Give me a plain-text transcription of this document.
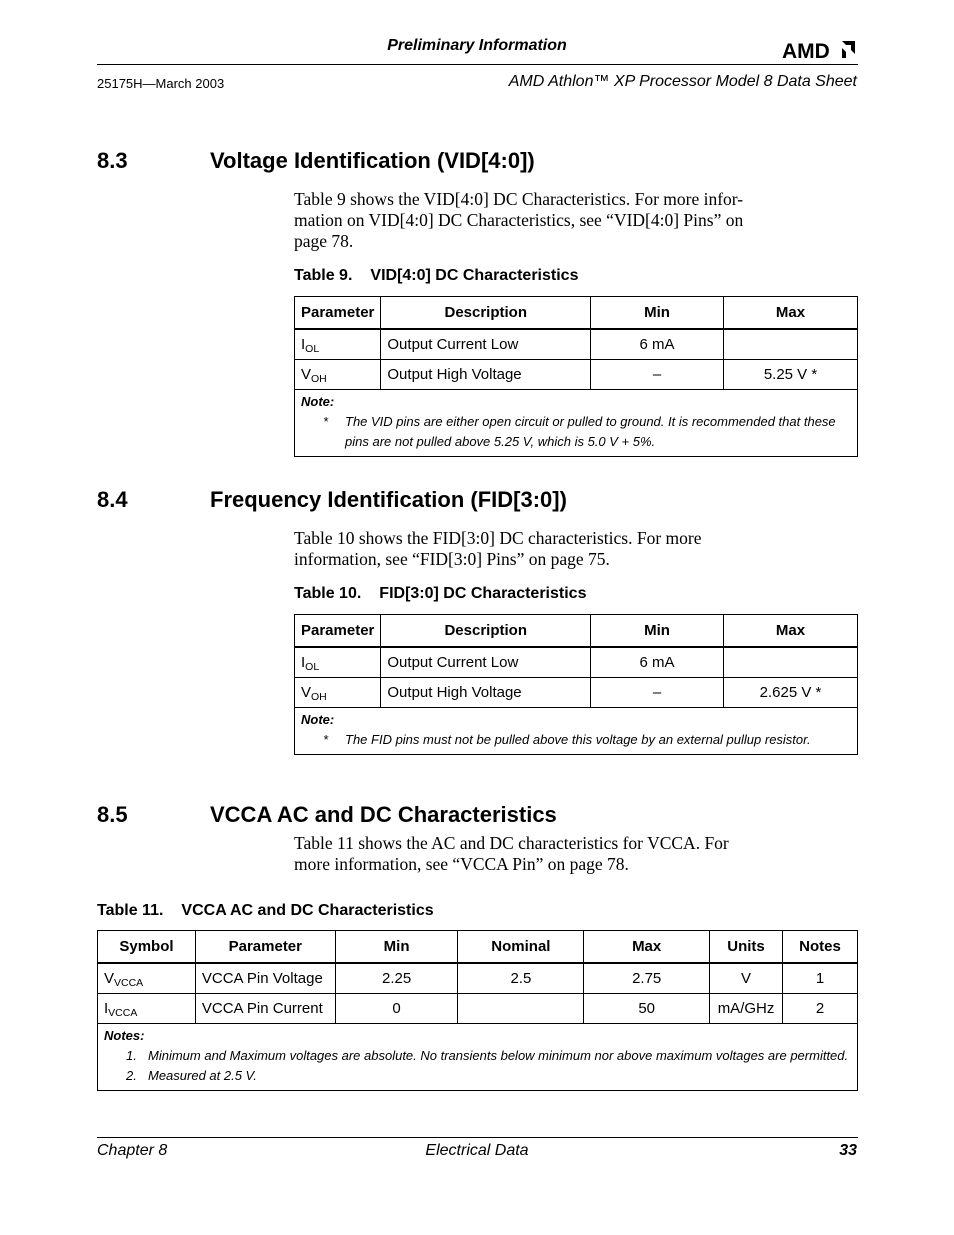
Preliminary Information	AMD
25175H—March 2003	AMD Athlon™ XP Processor Model 8 Data Sheet
8.3	Voltage Identification (VID[4:0])
Table 9 shows the VID[4:0] DC Characteristics. For more infor-
mation on VID[4:0] DC Characteristics, see “VID[4:0] Pins” on
page 78.
Table 9. VID[4:0] DC Characteristics
Parameter	Description	Min	Max
$I_{OL}$	Output Current Low	6 mA	
$V_{OH}$	Output High Voltage	–	5.25 V *

Note:
* The VID pins are either open circuit or pulled to ground. It is recommended that these pins are not pulled above 5.25 V, which is 5.0 V + 5%.			
8.4	Frequency Identification (FID[3:0])
Table 10 shows the FID[3:0] DC characteristics. For more
information, see “FID[3:0] Pins” on page 75.
Table 10. FID[3:0] DC Characteristics
Parameter	Description	Min	Max
$I_{OL}$	Output Current Low	6 mA	
$V_{OH}$	Output High Voltage	–	2.625 V *

Note:
* The FID pins must not be pulled above this voltage by an external pullup resistor.			
8.5	VCCA AC and DC Characteristics
Table 11 shows the AC and DC characteristics for VCCA. For
more information, see “VCCA Pin” on page 78.
Table 11. VCCA AC and DC Characteristics
Symbol	Parameter	Min	Nominal	Max	Units	Notes
$V_{VCCA}$	VCCA Pin Voltage	2.25	2.5	2.75	V	1
$I_{VCCA}$	VCCA Pin Current	0		50	mA/GHz	2

Notes:
1. Minimum and Maximum voltages are absolute. No transients below minimum nor above maximum voltages are permitted.
2. Measured at 2.5 V.						
Chapter 8	Electrical Data	33
